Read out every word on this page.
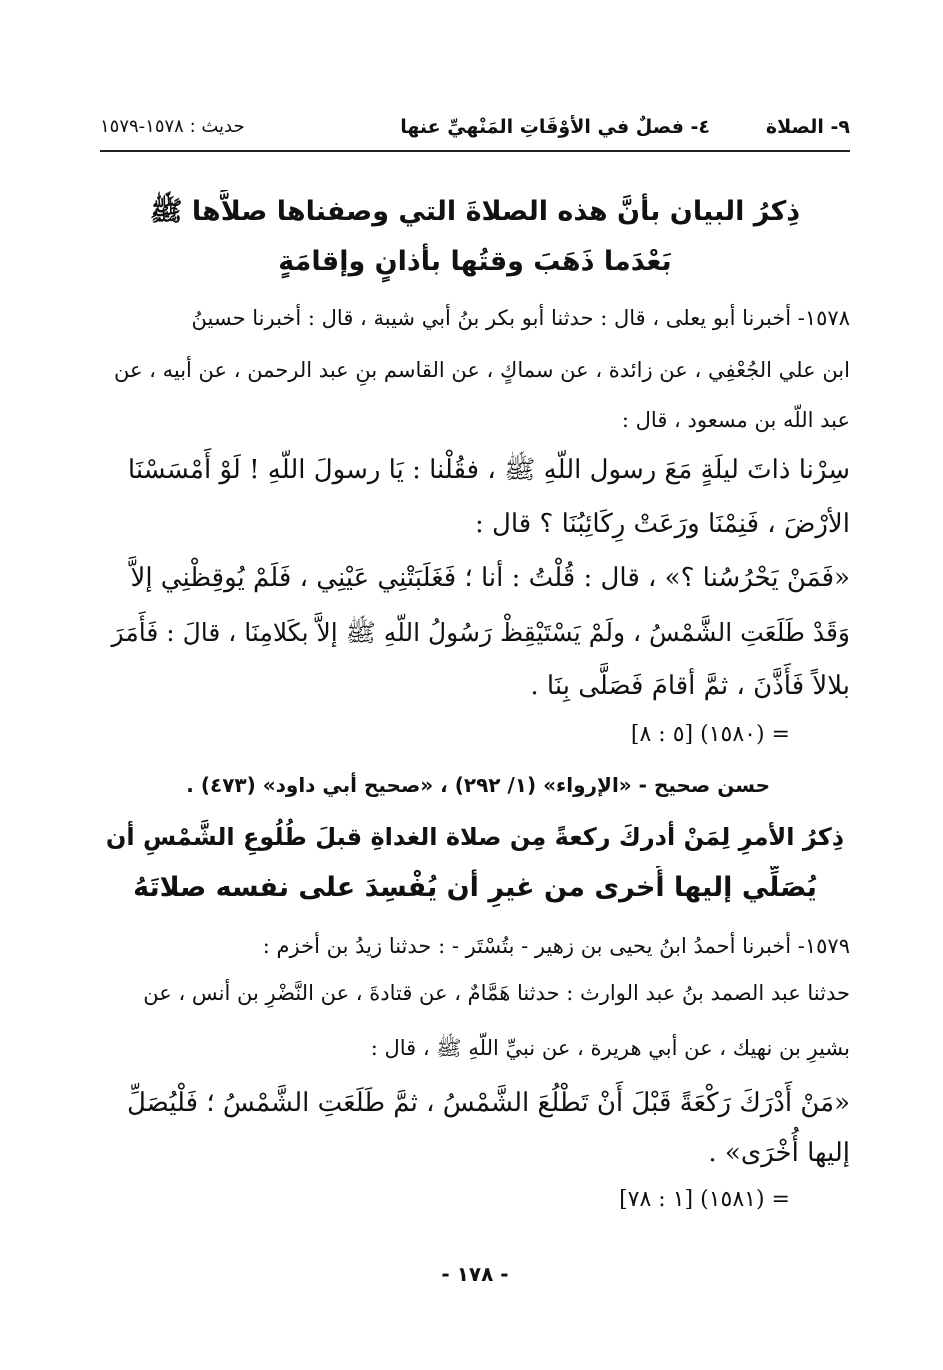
٩- الصلاة
٤- فصلٌ في الأوْقَاتِ المَنْهيِّ عنها
حديث : ١٥٧٨-١٥٧٩
ذِكرُ البيان بأنَّ هذه الصلاةَ التي وصفناها صلاَّها ﷺ
بَعْدَما ذَهَبَ وقتُها بأذانٍ وإقامَةٍ
١٥٧٨- أخبرنا أبو يعلى ، قال : حدثنا أبو بكر بنُ أبي شيبة ، قال : أخبرنا حسينُ
ابن علي الجُعْفِي ، عن زائدة ، عن سماكٍ ، عن القاسم بنِ عبد الرحمن ، عن أبيه ، عن
عبد اللّه بن مسعود ، قال :
سِرْنا ذاتَ ليلَةٍ مَعَ رسول اللّهِ ﷺ ، فقُلْنا : يَا رسولَ اللّهِ ! لَوْ أَمْسَسْنَا
الأرْضَ ، فَنِمْنَا ورَعَتْ رِكَائِبُنَا ؟ قال :
«فَمَنْ يَحْرُسُنا ؟» ، قال : قُلْتُ : أنا ؛ فَغَلَبَتْنِي عَيْنِي ، فَلَمْ يُوقِظْنِي إلاَّ
وَقَدْ طَلَعَتِ الشَّمْسُ ، ولَمْ يَسْتَيْقِظْ رَسُولُ اللّهِ ﷺ إلاَّ بكَلامِنَا ، قالَ : فَأَمَرَ
بلالاً فَأَذَّنَ ، ثمَّ أقامَ فَصَلَّى بِنَا .
= (١٥٨٠) [٥ : ٨]
حسن صحيح - «الإرواء» (١/ ٢٩٢) ، «صحيح أبي داود» (٤٧٣) .
ذِكرُ الأمرِ لِمَنْ أدركَ ركعةً مِن صلاة الغداةِ قبلَ طُلُوعِ الشَّمْسِ أن
يُصَلِّي إليها أُخرى من غيرِ أن يُفْسِدَ على نفسه صلاتَهُ
١٥٧٩- أخبرنا أحمدُ ابنُ يحيى بن زهير - بتُسْتَر - : حدثنا زيدُ بن أخزم :
حدثنا عبد الصمد بنُ عبد الوارث : حدثنا هَمَّامٌ ، عن قتادةَ ، عن النَّضْرِ بن أنس ، عن
بشيرِ بن نهيك ، عن أبي هريرة ، عن نبيِّ اللّهِ ﷺ ، قال :
«مَنْ أَدْرَكَ رَكْعَةً قَبْلَ أَنْ تَطْلُعَ الشَّمْسُ ، ثمَّ طَلَعَتِ الشَّمْسُ ؛ فَلْيُصَلِّ
إليها أُخْرَى» .
= (١٥٨١) [١ : ٧٨]
- ١٧٨ -
